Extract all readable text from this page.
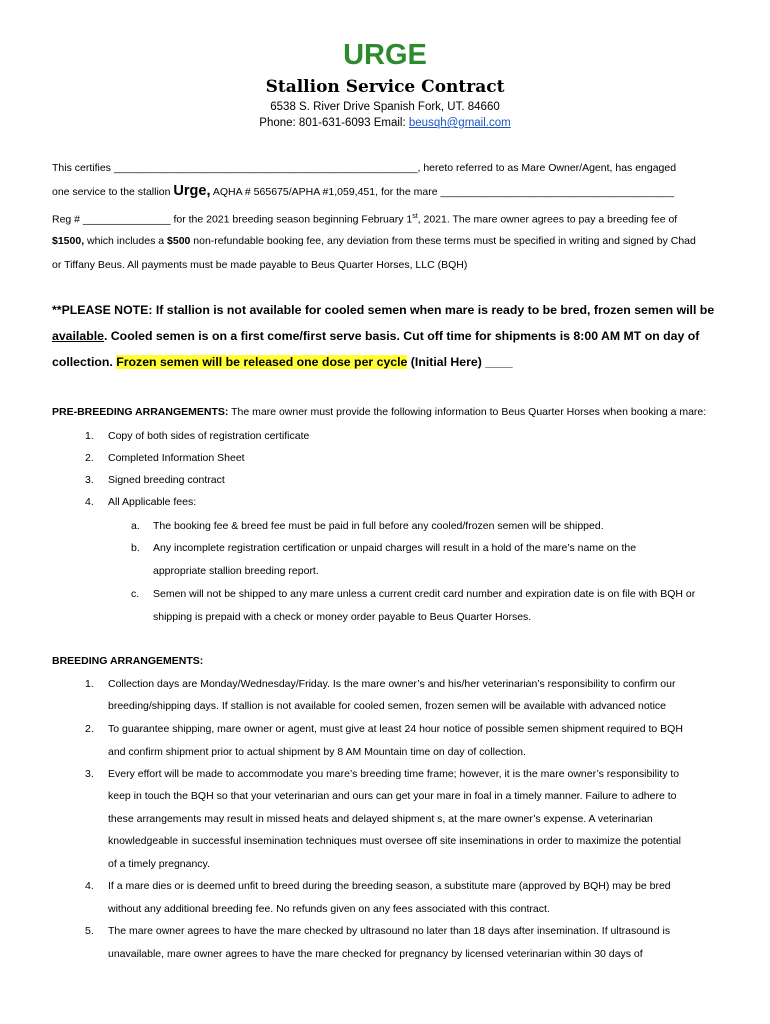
URGE
Stallion Service Contract
6538 S. River Drive Spanish Fork, UT. 84660
Phone: 801-631-6093 Email: beusqh@gmail.com
This certifies ____________________________________________________, hereto referred to as Mare Owner/Agent, has engaged
one service to the stallion Urge, AQHA # 565675/APHA #1,059,451, for the mare ________________________________________
Reg # _______________ for the 2021 breeding season beginning February 1st, 2021. The mare owner agrees to pay a breeding fee of
$1500, which includes a $500 non-refundable booking fee, any deviation from these terms must be specified in writing and signed by Chad
or Tiffany Beus. All payments must be made payable to Beus Quarter Horses, LLC (BQH)
**PLEASE NOTE: If stallion is not available for cooled semen when mare is ready to be bred, frozen semen will be
available. Cooled semen is on a first come/first serve basis. Cut off time for shipments is 8:00 AM MT on day of
collection. Frozen semen will be released one dose per cycle (Initial Here) ____
PRE-BREEDING ARRANGEMENTS: The mare owner must provide the following information to Beus Quarter Horses when booking a mare:
1. Copy of both sides of registration certificate
2. Completed Information Sheet
3. Signed breeding contract
4. All Applicable fees:
a. The booking fee & breed fee must be paid in full before any cooled/frozen semen will be shipped.
b. Any incomplete registration certification or unpaid charges will result in a hold of the mare’s name on the
appropriate stallion breeding report.
c. Semen will not be shipped to any mare unless a current credit card number and expiration date is on file with BQH or
shipping is prepaid with a check or money order payable to Beus Quarter Horses.
BREEDING ARRANGEMENTS:
1. Collection days are Monday/Wednesday/Friday. Is the mare owner’s and his/her veterinarian’s responsibility to confirm our
breeding/shipping days. If stallion is not available for cooled semen, frozen semen will be available with advanced notice
2. To guarantee shipping, mare owner or agent, must give at least 24 hour notice of possible semen shipment required to BQH
and confirm shipment prior to actual shipment by 8 AM Mountain time on day of collection.
3. Every effort will be made to accommodate you mare’s breeding time frame; however, it is the mare owner’s responsibility to
keep in touch the BQH so that your veterinarian and ours can get your mare in foal in a timely manner. Failure to adhere to
these arrangements may result in missed heats and delayed shipment s, at the mare owner’s expense. A veterinarian
knowledgeable in successful insemination techniques must oversee off site inseminations in order to maximize the potential
of a timely pregnancy.
4. If a mare dies or is deemed unfit to breed during the breeding season, a substitute mare (approved by BQH) may be bred
without any additional breeding fee. No refunds given on any fees associated with this contract.
5. The mare owner agrees to have the mare checked by ultrasound no later than 18 days after insemination. If ultrasound is
unavailable, mare owner agrees to have the mare checked for pregnancy by licensed veterinarian within 30 days of
